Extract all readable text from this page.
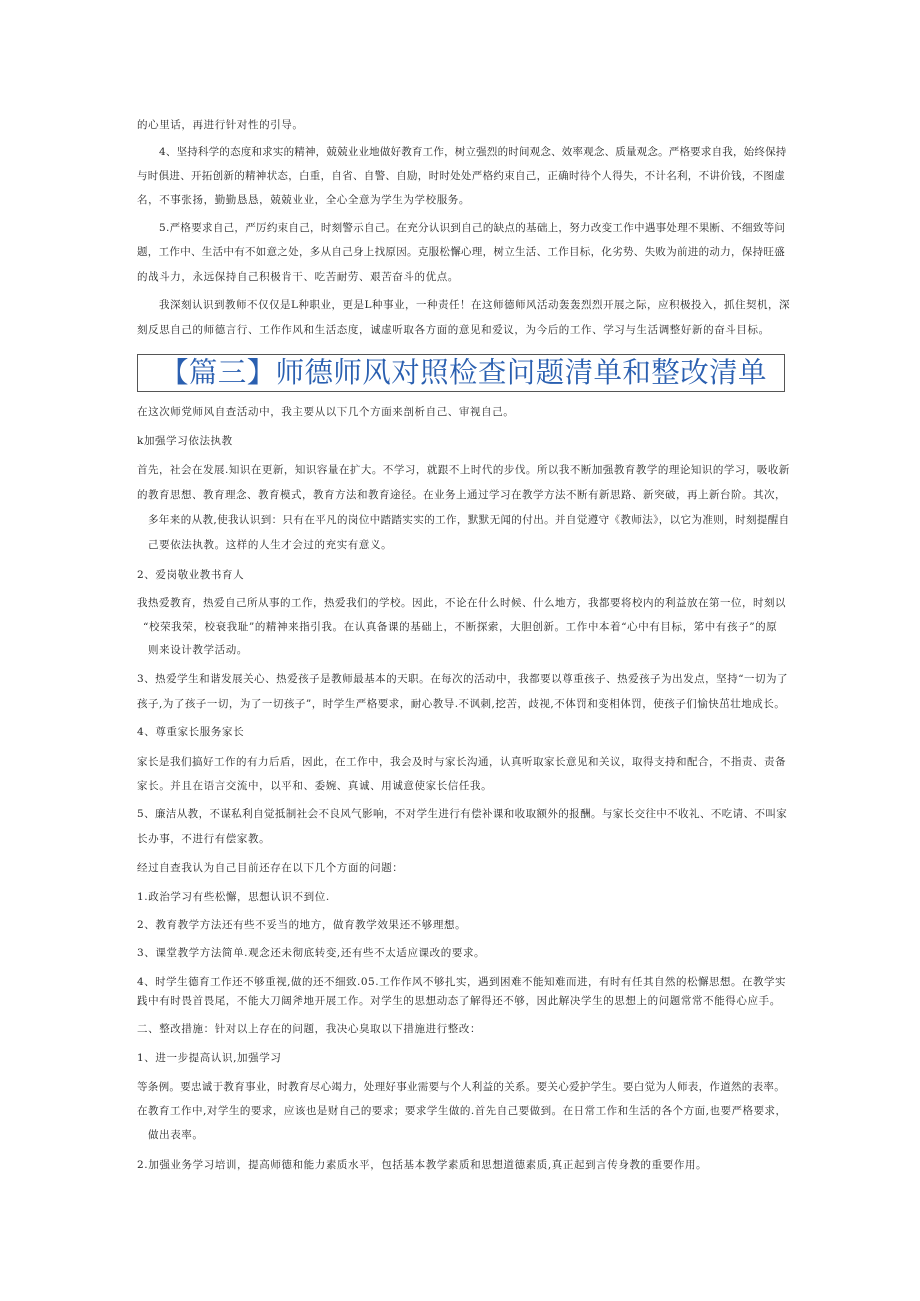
的心里话，再进行针对性的引导。
4、坚持科学的态度和求实的精神，兢兢业业地做好教育工作，树立强烈的时间观念、效率观念、质量观念。严格要求自我，始终保持
与时俱进、开拓创新的精神状态，白重，自省、自警、自励，时时处处严格约束自己，正确时待个人得失，不计名利，不讲价钱，不图虚
名，不事张扬，勤勤恳恳，兢兢业业，全心全意为学生为学校服务。
5.严格要求自己，严厉约束自己，时刻警示自己。在充分认识到自己的缺点的基础上，努力改变工作中遇事处理不果断、不细致等问
题，工作中、生活中有不如意之处，多从自己身上找原因。克服松懈心理，树立生活、工作目标，化劣势、失败为前进的动力，保持旺盛
的战斗力，永远保持自己积极肯干、吃苦耐劳、艰苦奋斗的优点。
我深刻认识到教师不仅仅是L种职业，更是L种事业，一种责任！在这师德师风活动轰轰烈烈开展之际，应积极投入，抓住契机，深
刻反思自己的师德言行、工作作风和生活态度，诚虚听取各方面的意见和爱议，为今后的工作、学习与生活调整好新的奋斗目标。
【篇三】师德师风对照检查问题清单和整改清单
在这次师党师风自查活动中，我主要从以下几个方面来剖析自己、审视自己。
k加强学习依法执教
首先，社会在发展.知识在更新，知识容量在扩大。不学习，就跟不上时代的步伐。所以我不断加强教育教学的理论知识的学习，吸收新
的教育思想、教育理念、教育模式，教育方法和教育途径。在业务上通过学习在教学方法不断有新思路、新突破，再上新台阶。其次，
多年来的从教,使我认识到：只有在平凡的岗位中踏踏实实的工作，默默无闻的付出。并自觉遵守《教师法》，以它为准则，时刻提醒自
己要依法执教。这样的人生才会过的充实有意义。
2、爱岗敬业教书育人
我热爱教育，热爱自己所从事的工作，热爱我们的学校。因此，不论在什么时候、什么地方，我都要将校内的利益放在第一位，时刻以
“校荣我荣，校衰我耻”的精神来指引我。在认真备课的基础上，不断探索，大胆创新。工作中本着“心中有目标，笫中有孩子”的原
则来设计教学活动。
3、热爱学生和谐发展关心、热爱孩子是教师最基本的天职。在每次的活动中，我都要以尊重孩子、热爱孩子为出发点，坚持“一切为了
孩子,为了孩子一切，为了一切孩子”，时学生严格要求，耐心教导.不讽刺,挖苦，歧视,不体罚和变相体罚，使孩子们愉快茁壮地成长。
4、尊重家长服务家长
家长是我们搞好工作的有力后盾，因此，在工作中，我会及时与家长沟通，认真听取家长意见和关议，取得支持和配合，不指责、责备
家长。并且在语言交流中，以平和、委婉、真诚、用诚意使家长信任我。
5、廉洁从教，不谋私利自觉抵制社会不良风气影响，不对学生进行有偿补课和收取额外的报酬。与家长交往中不收礼、不吃请、不叫家
长办事，不进行有偿家教。
经过自查我认为自己目前还存在以下几个方面的问题：
1.政治学习有些松懈，思想认识不到位.
2、教育教学方法还有些不妥当的地方，做育教学效果还不够理想。
3、课堂教学方法简单.观念还未彻底转变,还有些不太适应课改的要求。
4、时学生德育工作还不够重视,做的还不细致.05.工作作风不够扎实，遇到困难不能知难而进，有时有任其自然的松懈思想。在教学实
践中有时畏首畏尾，不能大刀阔斧地开展工作。对学生的思想动态了解得还不够，因此解决学生的思想上的问题常常不能得心应手。
二、整改措施：针对以上存在的问题，我决心臭取以下措施进行整改：
1、进一步提高认识,加强学习
等条例。要忠诚于教育事业，时教育尽心竭力，处理好事业需要与个人利益的关系。要关心爱护学生。要白觉为人师表，作道然的表率。
在教育工作中,对学生的要求，应该也是财自己的要求；要求学生做的.首先自己要做到。在日常工作和生活的各个方面,也要严格要求，
做出表率。
2.加强业务学习培训，提高师德和能力素质水平，包括基本教学素质和思想道德素质,真正起到言传身教的重要作用。
